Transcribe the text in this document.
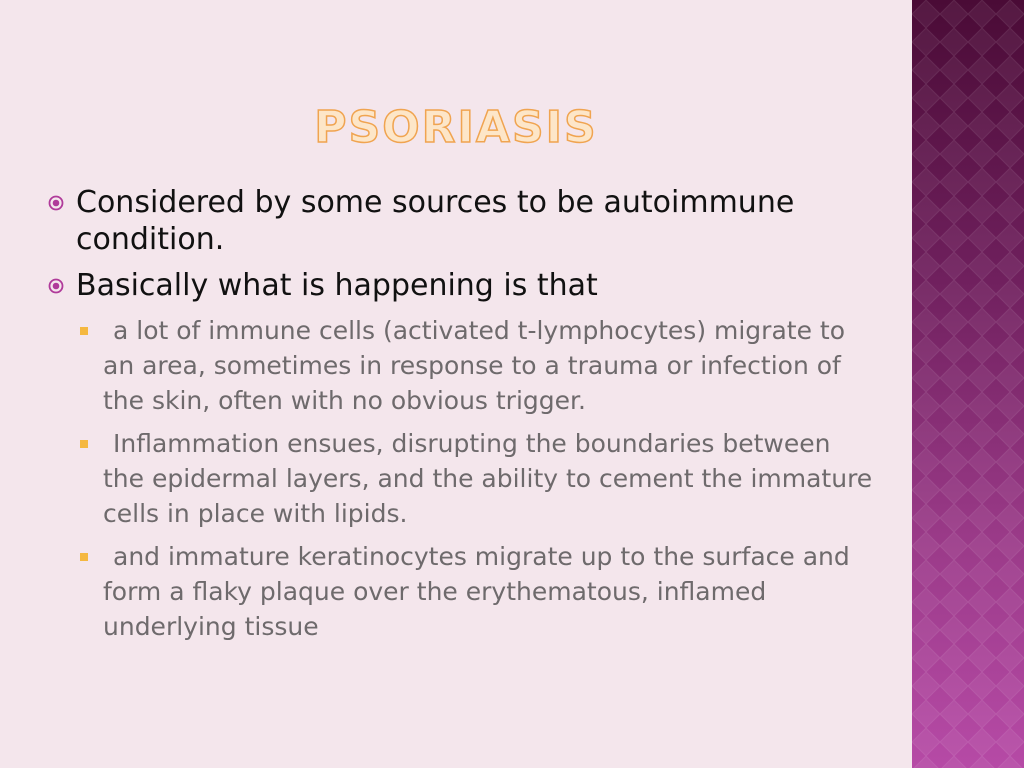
PSORIASIS
Considered by some sources to be autoimmune condition.
Basically what is happening is that
a lot of immune cells (activated t-lymphocytes) migrate to an area, sometimes in response to a trauma or infection of the skin, often with no obvious trigger.
Inflammation ensues, disrupting the boundaries between the epidermal layers, and the ability to cement the immature cells in place with lipids.
and immature keratinocytes migrate up to the surface and form a flaky plaque over the erythematous, inflamed underlying tissue
